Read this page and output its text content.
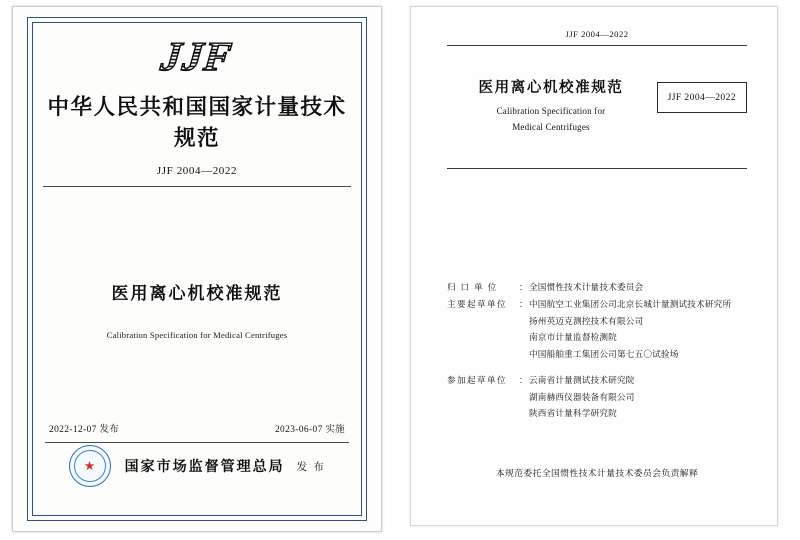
JJF
中华人民共和国国家计量技术规范
JJF 2004—2022
医用离心机校准规范
Calibration Specification for Medical Centrifuges
2022-12-07 发布	2023-06-07 实施
★ 国家市场监督管理总局 发 布
JJF 2004—2022
医用离心机校准规范
Calibration Specification for
Medical Centrifuges
JJF 2004—2022
归 口 单 位	： 全国惯性技术计量技术委员会
主要起草单位	： 中国航空工业集团公司北京长城计量测试技术研究所
扬州英迈克测控技术有限公司
南京市计量监督检测院
中国船舶重工集团公司第七五〇试验场
参加起草单位	： 云南省计量测试技术研究院
湖南赫西仪器装备有限公司
陕西省计量科学研究院
本规范委托全国惯性技术计量技术委员会负责解释
